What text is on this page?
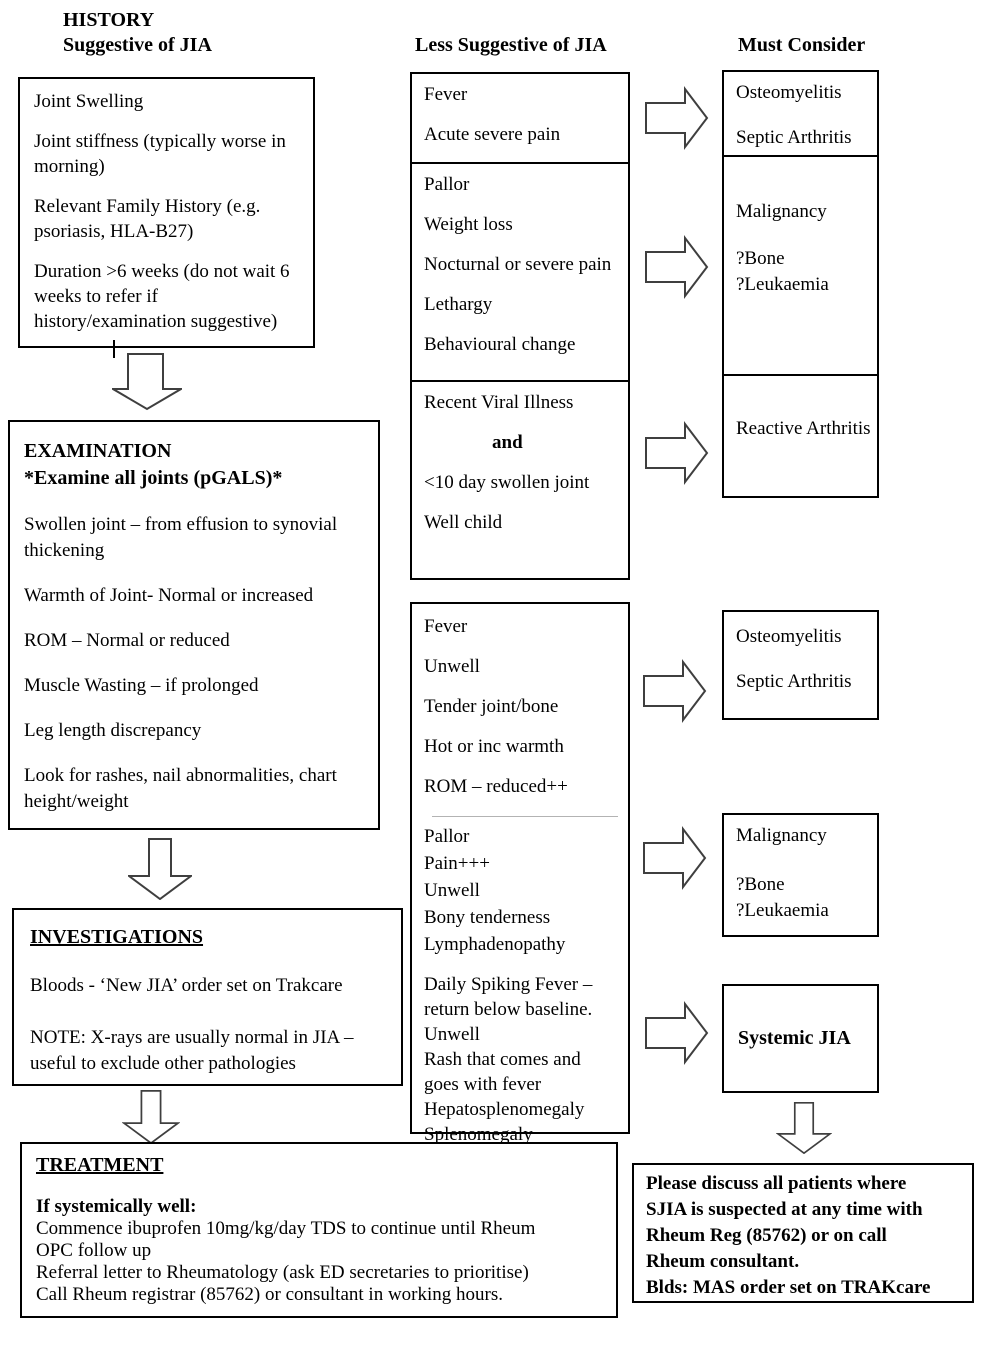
HISTORY
Suggestive of JIA	Less Suggestive of JIA	Must Consider
Joint Swelling
Joint stiffness (typically worse in morning)
Relevant Family History (e.g. psoriasis, HLA-B27)
Duration >6 weeks (do not wait 6 weeks to refer if history/examination suggestive)
EXAMINATION
*Examine all joints (pGALS)*
Swollen joint – from effusion to synovial thickening
Warmth of Joint- Normal or increased
ROM – Normal or reduced
Muscle Wasting – if prolonged
Leg length discrepancy
Look for rashes, nail abnormalities, chart height/weight
INVESTIGATIONS
Bloods - ‘New JIA’ order set on Trakcare
NOTE: X-rays are usually normal in JIA – useful to exclude other pathologies
TREATMENT
If systemically well:
Commence ibuprofen 10mg/kg/day TDS to continue until Rheum
OPC follow up
Referral letter to Rheumatology (ask ED secretaries to prioritise)
Call Rheum registrar (85762) or consultant in working hours.
Fever
Acute severe pain
Pallor
Weight loss
Nocturnal or severe pain
Lethargy
Behavioural change
Recent Viral Illness
and
<10 day swollen joint
Well child
Fever
Unwell
Tender joint/bone
Hot or inc warmth
ROM – reduced++
Pallor
Pain+++
Unwell
Bony tenderness
Lymphadenopathy
Daily Spiking Fever – return below baseline.
Unwell
Rash that comes and goes with fever
Hepatosplenomegaly
Splenomegaly
Osteomyelitis
Septic Arthritis
Malignancy
?Bone
?Leukaemia
Reactive Arthritis
Osteomyelitis
Septic Arthritis
Malignancy
?Bone
?Leukaemia
Systemic JIA
Please discuss all patients where
SJIA is suspected at any time with
Rheum Reg (85762) or on call
Rheum consultant.
Blds: MAS order set on TRAKcare
